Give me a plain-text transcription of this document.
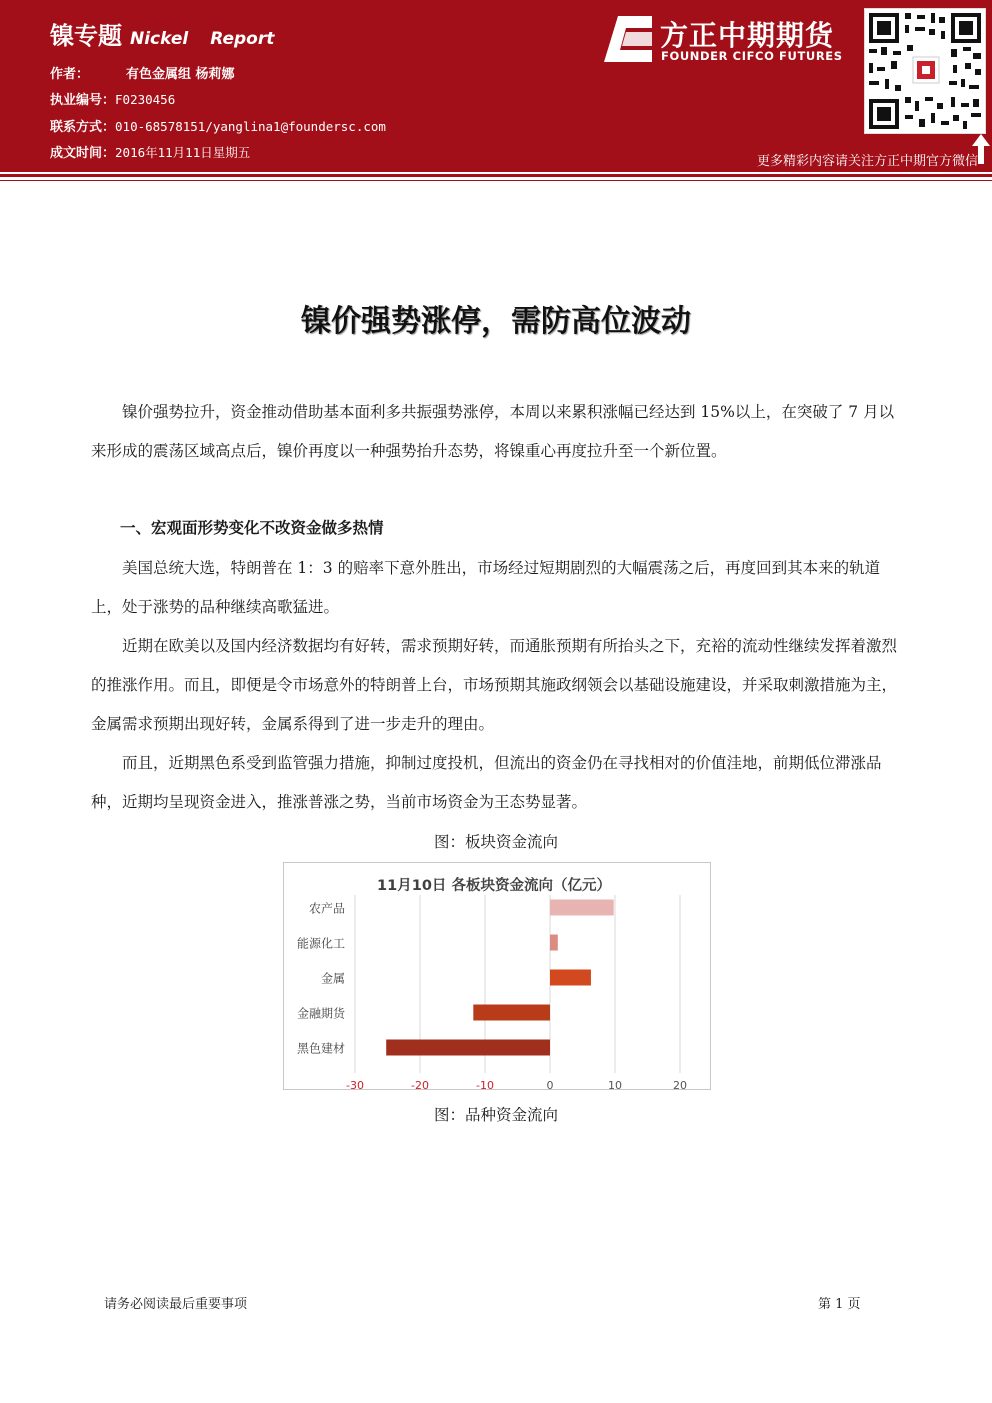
镍专题 Nickel Report
作者：	有色金属组 杨莉娜
执业编号：F0230456
联系方式：010-68578151/yanglina1@foundersc.com
成文时间：2016年11月11日星期五
方正中期期货
FOUNDER CIFCO FUTURES
更多精彩内容请关注方正中期官方微信
镍价强势涨停，需防高位波动

镍价强势拉升，资金推动借助基本面利多共振强势涨停，本周以来累积涨幅已经达到 15%以上，在突破了 7 月以来形成的震荡区域高点后，镍价再度以一种强势抬升态势，将镍重心再度拉升至一个新位置。

一、宏观面形势变化不改资金做多热情

美国总统大选，特朗普在 1：3 的赔率下意外胜出，市场经过短期剧烈的大幅震荡之后，再度回到其本来的轨道上，处于涨势的品种继续高歌猛进。

近期在欧美以及国内经济数据均有好转，需求预期好转，而通胀预期有所抬头之下，充裕的流动性继续发挥着激烈的推涨作用。而且，即便是令市场意外的特朗普上台，市场预期其施政纲领会以基础设施建设，并采取刺激措施为主，金属需求预期出现好转，金属系得到了进一步走升的理由。

而且，近期黑色系受到监管强力措施，抑制过度投机，但流出的资金仍在寻找相对的价值洼地，前期低位滞涨品种，近期均呈现资金进入，推涨普涨之势，当前市场资金为王态势显著。

图：板块资金流向
11月10日 各板块资金流向（亿元）
农产品
能源化工
金属
金融期货
黑色建材
-30	-20	-10	0	10	20
图：品种资金流向
请务必阅读最后重要事项	第 1 页
